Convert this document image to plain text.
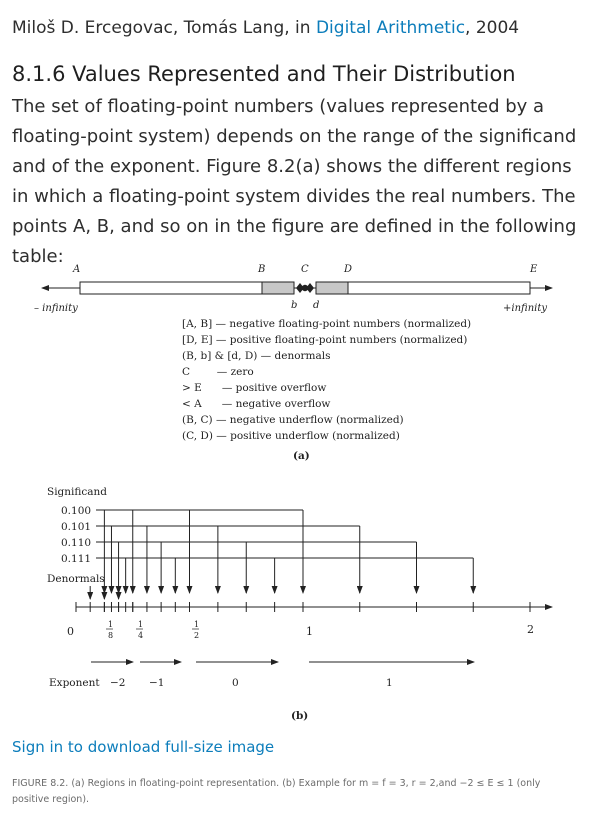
Miloš D. Ercegovac, Tomás Lang, in Digital Arithmetic, 2004
8.1.6 Values Represented and Their Distribution

The set of floating-point numbers (values represented by a floating-point system) depends on the range of the significand and of the exponent. Figure 8.2(a) shows the different regions in which a floating-point system divides the real numbers. The points A, B, and so on in the figure are defined in the following table:

A	B	C	D	E
– infinity	+infinity
b d
[A, B] — negative floating-point numbers (normalized)
[D, E] — positive floating-point numbers (normalized)
(B, b] & [d, D) — denormals
C        — zero
> E      — positive overflow
< A      — negative overflow
(B, C) — negative underflow (normalized)
(C, D) — positive underflow (normalized)
(a)
Significand
0.100
0.101
0.110
0.111
Denormals
0
1
8
1
4
1
2	1	2
Exponent −2 −1	0	1
(b)
Sign in to download full-size image
FIGURE 8.2. (a) Regions in floating-point representation. (b) Example for m = f = 3, r = 2,and −2 ≤ E ≤ 1 (only positive region).
